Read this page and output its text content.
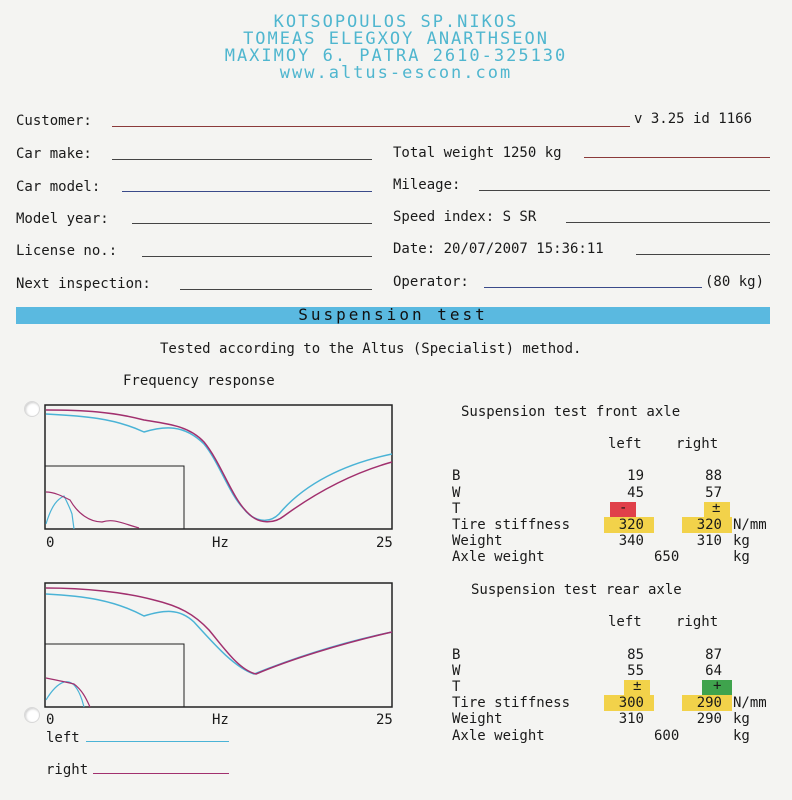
KOTSOPOULOS SP.NIKOS
TOMEAS ELEGXOY ANARTHSEON
MAXIMOY 6. PATRA 2610-325130
www.altus-escon.com
Customer:	v 3.25 id 1166
Car make:	Total weight 1250 kg
Car model:	Mileage:
Model year:	Speed index: S SR
License no.:	Date: 20/07/2007 15:36:11
Next inspection:	Operator:	(80 kg)
Suspension test
Tested according to the Altus (Specialist) method.
Frequency response
0	Hz	25
0	Hz	25
left
right
Suspension test front axle
left right
B	19	88
W	45	57
T	-	±
Tire stiffness	320	320 N/mm
Weight	340	310 kg
Axle weight	650	kg
Suspension test rear axle
left right
B	85	87
W	55	64
T	±	+
Tire stiffness	300	290 N/mm
Weight	310	290 kg
Axle weight	600	kg
